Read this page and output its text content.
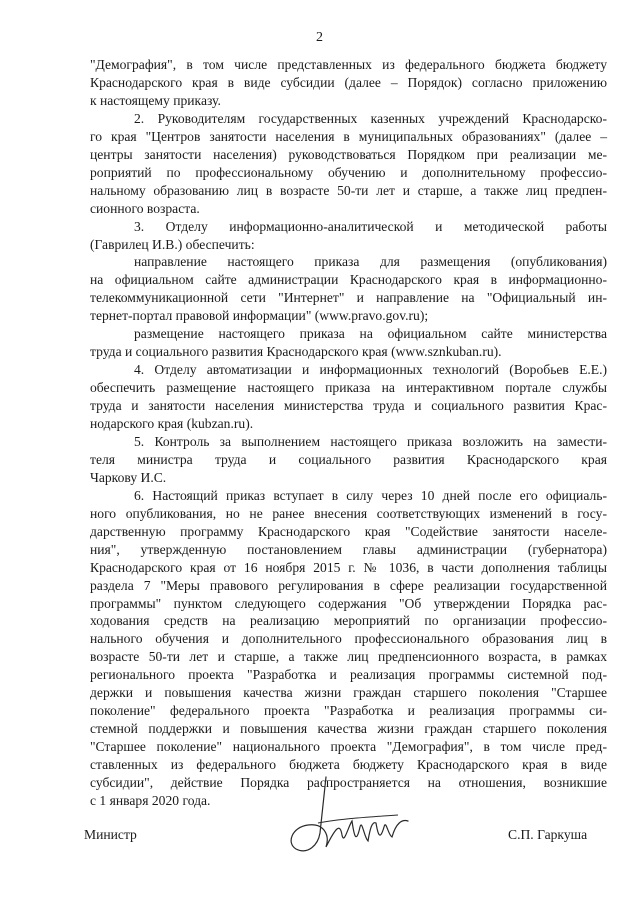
2
"Демография", в том числе представленных из федерального бюджета бюджету
Краснодарского края в виде субсидии (далее – Порядок) согласно приложению
к настоящему приказу.
2. Руководителям государственных казенных учреждений Краснодарско-
го края "Центров занятости населения в муниципальных образованиях" (далее –
центры занятости населения) руководствоваться Порядком при реализации ме-
роприятий по профессиональному обучению и дополнительному профессио-
нальному образованию лиц в возрасте 50-ти лет и старше, а также лиц предпен-
сионного возраста.
3. Отделу информационно-аналитической и методической работы
(Гаврилец И.В.) обеспечить:
направление настоящего приказа для размещения (опубликования)
на официальном сайте администрации Краснодарского края в информационно-
телекоммуникационной сети "Интернет" и направление на "Официальный ин-
тернет-портал правовой информации" (www.pravo.gov.ru);
размещение настоящего приказа на официальном сайте министерства
труда и социального развития Краснодарского края (www.sznkuban.ru).
4. Отделу автоматизации и информационных технологий (Воробьев Е.Е.)
обеспечить размещение настоящего приказа на интерактивном портале службы
труда и занятости населения министерства труда и социального развития Крас-
нодарского края (kubzan.ru).
5. Контроль за выполнением настоящего приказа возложить на замести-
теля министра труда и социального развития Краснодарского края
Чаркову И.С.
6. Настоящий приказ вступает в силу через 10 дней после его официаль-
ного опубликования, но не ранее внесения соответствующих изменений в госу-
дарственную программу Краснодарского края "Содействие занятости населе-
ния", утвержденную постановлением главы администрации (губернатора)
Краснодарского края от 16 ноября 2015 г. № 1036, в части дополнения таблицы
раздела 7 "Меры правового регулирования в сфере реализации государственной
программы" пунктом следующего содержания "Об утверждении Порядка рас-
ходования средств на реализацию мероприятий по организации профессио-
нального обучения и дополнительного профессионального образования лиц в
возрасте 50-ти лет и старше, а также лиц предпенсионного возраста, в рамках
регионального проекта "Разработка и реализация программы системной под-
держки и повышения качества жизни граждан старшего поколения "Старшее
поколение" федерального проекта "Разработка и реализация программы си-
стемной поддержки и повышения качества жизни граждан старшего поколения
"Старшее поколение" национального проекта "Демография", в том числе пред-
ставленных из федерального бюджета бюджету Краснодарского края в виде
субсидии", действие Порядка распространяется на отношения, возникшие
с 1 января 2020 года.
Министр	С.П. Гаркуша
